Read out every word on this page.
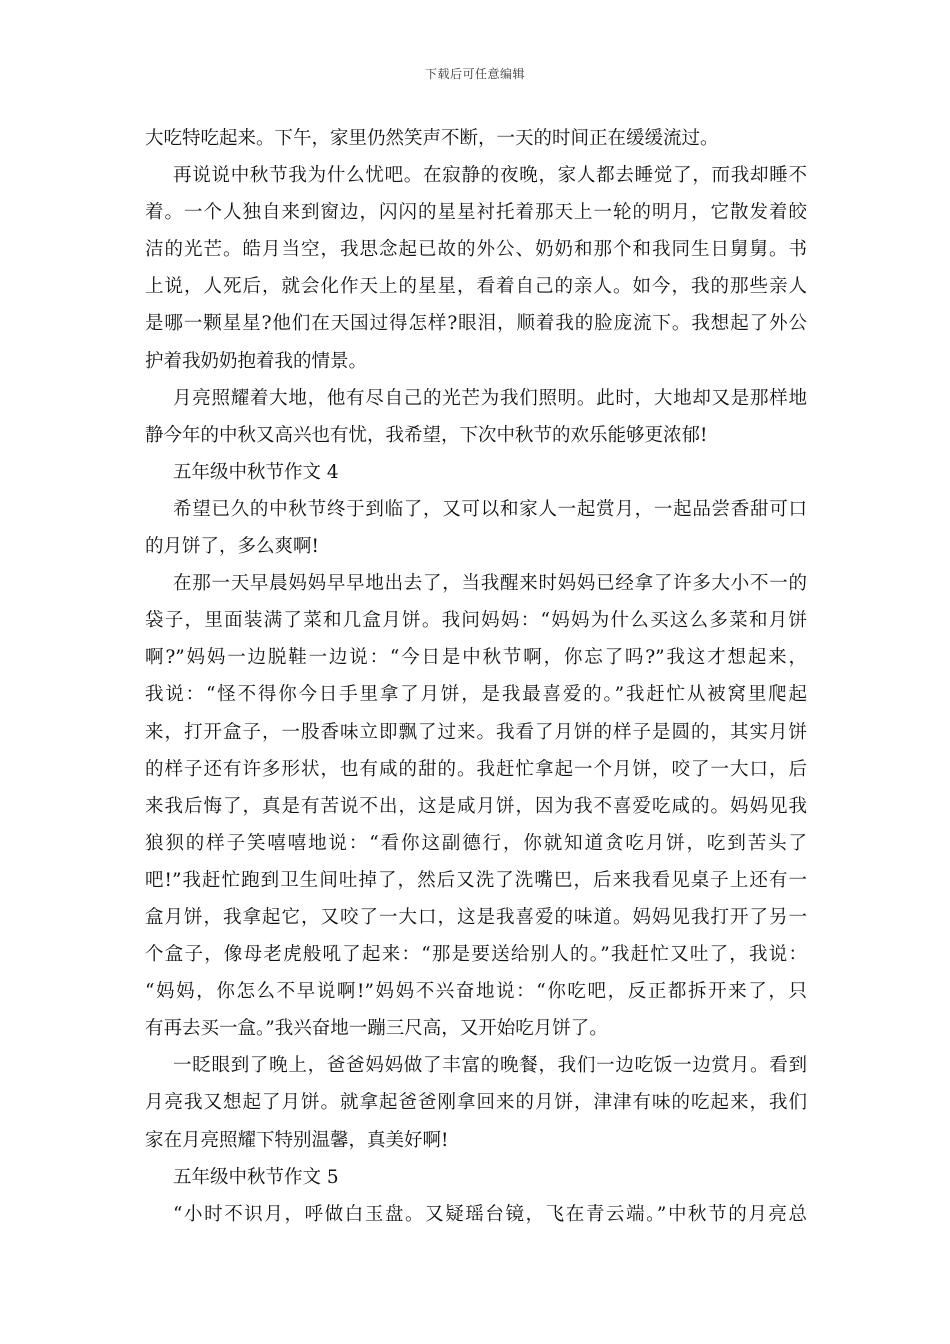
下载后可任意编辑
大吃特吃起来。下午，家里仍然笑声不断，一天的时间正在缓缓流过。
再说说中秋节我为什么忧吧。在寂静的夜晚，家人都去睡觉了，而我却睡不
着。一个人独自来到窗边，闪闪的星星衬托着那天上一轮的明月，它散发着皎
洁的光芒。皓月当空，我思念起已故的外公、奶奶和那个和我同生日舅舅。书
上说，人死后，就会化作天上的星星，看着自己的亲人。如今，我的那些亲人
是哪一颗星星?他们在天国过得怎样?眼泪，顺着我的脸庞流下。我想起了外公
护着我奶奶抱着我的情景。
月亮照耀着大地，他有尽自己的光芒为我们照明。此时，大地却又是那样地
静今年的中秋又高兴也有忧，我希望，下次中秋节的欢乐能够更浓郁!
五年级中秋节作文 4
希望已久的中秋节终于到临了，又可以和家人一起赏月，一起品尝香甜可口
的月饼了，多么爽啊!
在那一天早晨妈妈早早地出去了，当我醒来时妈妈已经拿了许多大小不一的
袋子，里面装满了菜和几盒月饼。我问妈妈：“妈妈为什么买这么多菜和月饼
啊?”妈妈一边脱鞋一边说：“今日是中秋节啊，你忘了吗?”我这才想起来，
我说：“怪不得你今日手里拿了月饼，是我最喜爱的。”我赶忙从被窝里爬起
来，打开盒子，一股香味立即飘了过来。我看了月饼的样子是圆的，其实月饼
的样子还有许多形状，也有咸的甜的。我赶忙拿起一个月饼，咬了一大口，后
来我后悔了，真是有苦说不出，这是咸月饼，因为我不喜爱吃咸的。妈妈见我
狼狈的样子笑嘻嘻地说：“看你这副德行，你就知道贪吃月饼，吃到苦头了
吧!”我赶忙跑到卫生间吐掉了，然后又洗了洗嘴巴，后来我看见桌子上还有一
盒月饼，我拿起它，又咬了一大口，这是我喜爱的味道。妈妈见我打开了另一
个盒子，像母老虎般吼了起来：“那是要送给别人的。”我赶忙又吐了，我说：
“妈妈，你怎么不早说啊!”妈妈不兴奋地说：“你吃吧，反正都拆开来了，只
有再去买一盒。”我兴奋地一蹦三尺高，又开始吃月饼了。
一眨眼到了晚上，爸爸妈妈做了丰富的晚餐，我们一边吃饭一边赏月。看到
月亮我又想起了月饼。就拿起爸爸刚拿回来的月饼，津津有味的吃起来，我们
家在月亮照耀下特别温馨，真美好啊!
五年级中秋节作文 5
“小时不识月，呼做白玉盘。又疑瑶台镜，飞在青云端。”中秋节的月亮总
